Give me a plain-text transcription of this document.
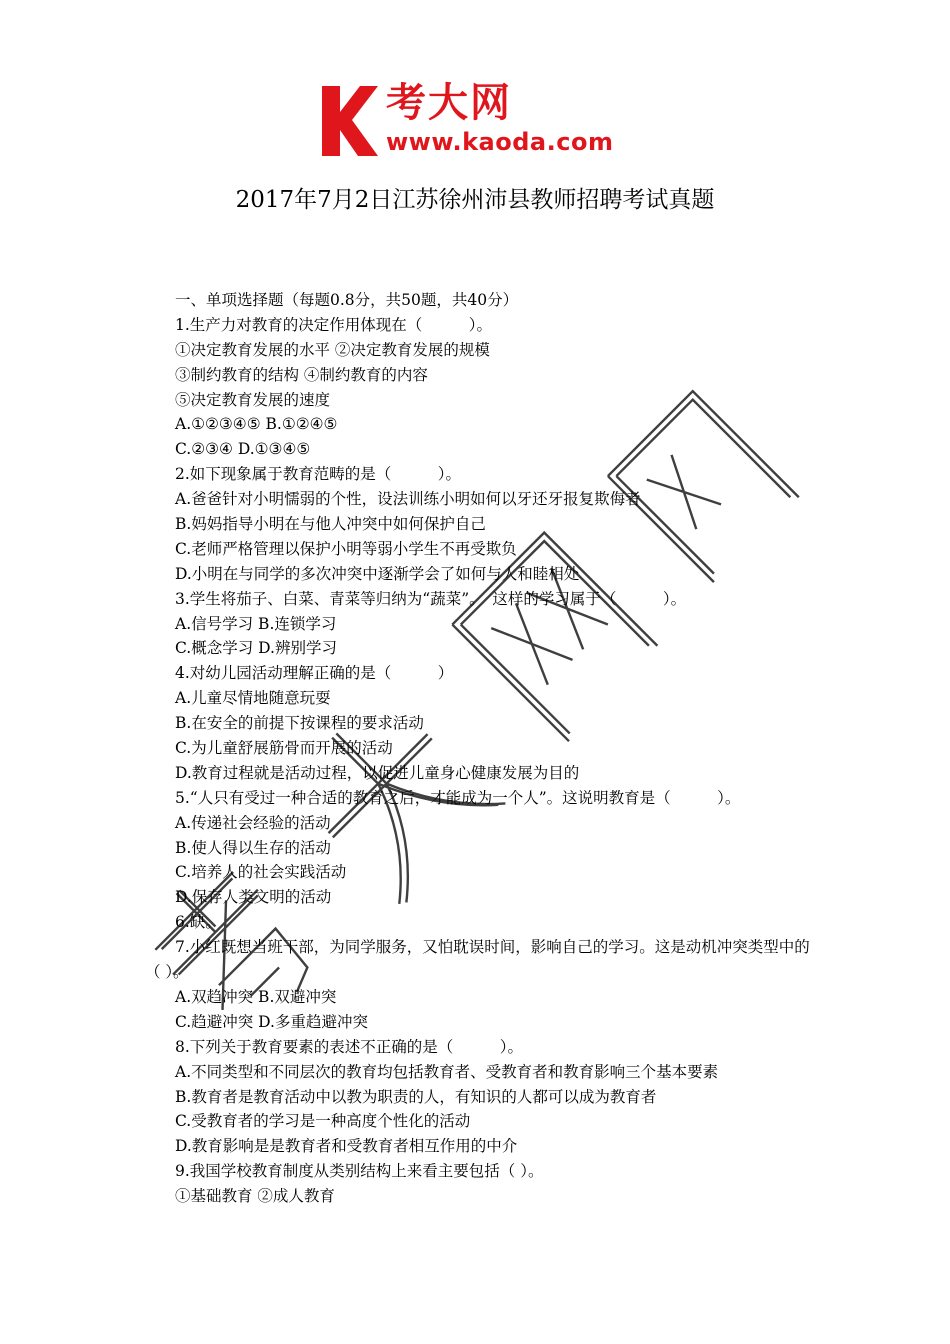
考大网
www.kaoda.com
2017年7月2日江苏徐州沛县教师招聘考试真题
一、单项选择题（每题0.8分，共50题，共40分）
1.生产力对教育的决定作用体现在（　　　）。
①决定教育发展的水平 ②决定教育发展的规模
③制约教育的结构 ④制约教育的内容
⑤决定教育发展的速度
A.①②③④⑤ B.①②④⑤
C.②③④ D.①③④⑤
2.如下现象属于教育范畴的是（　　　）。
A.爸爸针对小明懦弱的个性，设法训练小明如何以牙还牙报复欺侮者
B.妈妈指导小明在与他人冲突中如何保护自己
C.老师严格管理以保护小明等弱小学生不再受欺负
D.小明在与同学的多次冲突中逐渐学会了如何与人和睦相处
3.学生将茄子、白菜、青菜等归纳为“蔬菜”。　这样的学习属于（　　　）。
A.信号学习 B.连锁学习
C.概念学习 D.辨别学习
4.对幼儿园活动理解正确的是（　　　）
A.儿童尽情地随意玩耍
B.在安全的前提下按课程的要求活动
C.为儿童舒展筋骨而开展的活动
D.教育过程就是活动过程，以促进儿童身心健康发展为目的
5.“人只有受过一种合适的教育之后，才能成为一个人”。这说明教育是（　　　）。
A.传递社会经验的活动
B.使人得以生存的活动
C.培养人的社会实践活动
D.保存人类文明的活动
6.缺。
7.小红既想当班干部，为同学服务，又怕耽误时间，影响自己的学习。这是动机冲突类型中的（ ）。
A.双趋冲突 B.双避冲突
C.趋避冲突 D.多重趋避冲突
8.下列关于教育要素的表述不正确的是（　　　）。
A.不同类型和不同层次的教育均包括教育者、受教育者和教育影响三个基本要素
B.教育者是教育活动中以教为职责的人，有知识的人都可以成为教育者
C.受教育者的学习是一种高度个性化的活动
D.教育影响是是教育者和受教育者相互作用的中介
9.我国学校教育制度从类别结构上来看主要包括（ ）。
①基础教育 ②成人教育
